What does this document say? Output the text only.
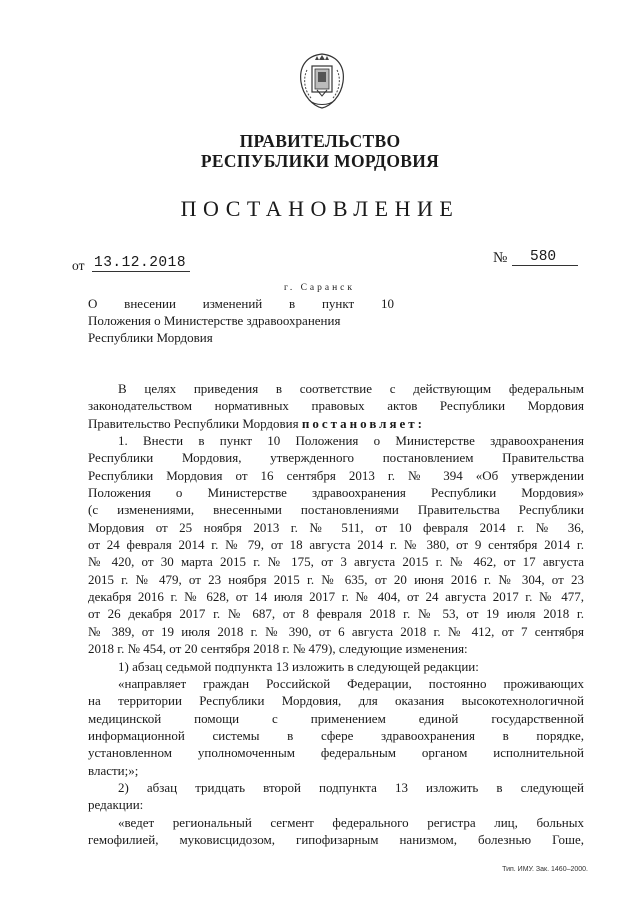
ПРАВИТЕЛЬСТВО
РЕСПУБЛИКИ МОРДОВИЯ
ПОСТАНОВЛЕНИЕ
от 13.12.2018	№	580
г. Саранск
О внесении изменений в пункт 10
Положения о Министерстве здравоохранения
Республики Мордовия
В целях приведения в соответствие с действующим федеральным
законодательством нормативных правовых актов Республики Мордовия
Правительство Республики Мордовия постановляет:
1. Внести в пункт 10 Положения о Министерстве здравоохранения
Республики Мордовия, утвержденного постановлением Правительства
Республики Мордовия от 16 сентября 2013 г. № 394 «Об утверждении
Положения о Министерстве здравоохранения Республики Мордовия»
(с изменениями, внесенными постановлениями Правительства Республики
Мордовия от 25 ноября 2013 г. № 511, от 10 февраля 2014 г. № 36,
от 24 февраля 2014 г. № 79, от 18 августа 2014 г. № 380, от 9 сентября 2014 г.
№ 420, от 30 марта 2015 г. № 175, от 3 августа 2015 г. № 462, от 17 августа
2015 г. № 479, от 23 ноября 2015 г. № 635, от 20 июня 2016 г. № 304, от 23
декабря 2016 г. № 628, от 14 июля 2017 г. № 404, от 24 августа 2017 г. № 477,
от 26 декабря 2017 г. № 687, от 8 февраля 2018 г. № 53, от 19 июля 2018 г.
№ 389, от 19 июля 2018 г. № 390, от 6 августа 2018 г. № 412, от 7 сентября
2018 г. № 454, от 20 сентября 2018 г. № 479), следующие изменения:
1) абзац седьмой подпункта 13 изложить в следующей редакции:
«направляет граждан Российской Федерации, постоянно проживающих
на территории Республики Мордовия, для оказания высокотехнологичной
медицинской помощи с применением единой государственной
информационной системы в сфере здравоохранения в порядке,
установленном уполномоченным федеральным органом исполнительной
власти;»;
2) абзац тридцать второй подпункта 13 изложить в следующей
редакции:
«ведет региональный сегмент федерального регистра лиц, больных
гемофилией, муковисцидозом, гипофизарным нанизмом, болезнью Гоше,
Тип. ИМУ. Зак. 1460–2000.
